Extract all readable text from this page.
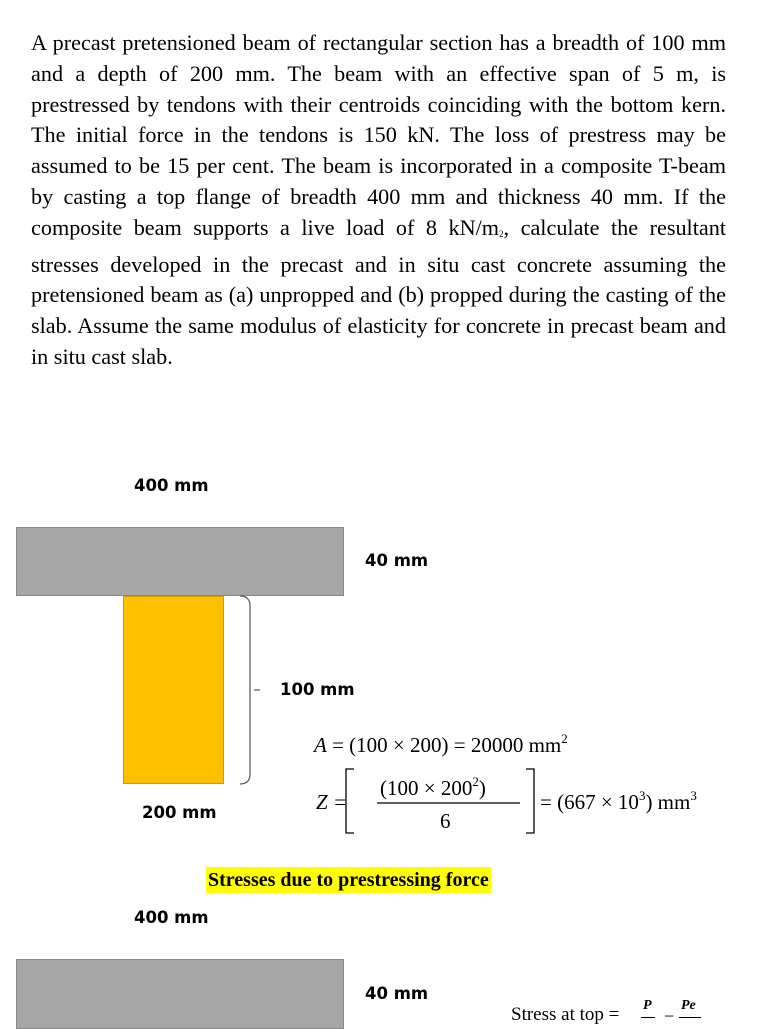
A precast pretensioned beam of rectangular section has a breadth of 100 mm and a depth of 200 mm. The beam with an effective span of 5 m, is prestressed by tendons with their centroids coinciding with the bottom kern. The initial force in the tendons is 150 kN. The loss of prestress may be assumed to be 15 per cent. The beam is incorporated in a composite T-beam by casting a top flange of breadth 400 mm and thickness 40 mm. If the composite beam supports a live load of 8 kN/m2, calculate the resultant stresses developed in the precast and in situ cast concrete assuming the pretensioned beam as (a) unpropped and (b) propped during the casting of the slab. Assume the same modulus of elasticity for concrete in precast beam and in situ cast slab.

400 mm
40 mm
100 mm
200 mm
A = (100 × 200) = 20000 $mm^2$
Z =
$(100 \times 200^2)$
6
= $(667 \times 10^3)$ $mm^3$
Stresses due to prestressing force
400 mm
40 mm
Stress at top = P
−
Pe
